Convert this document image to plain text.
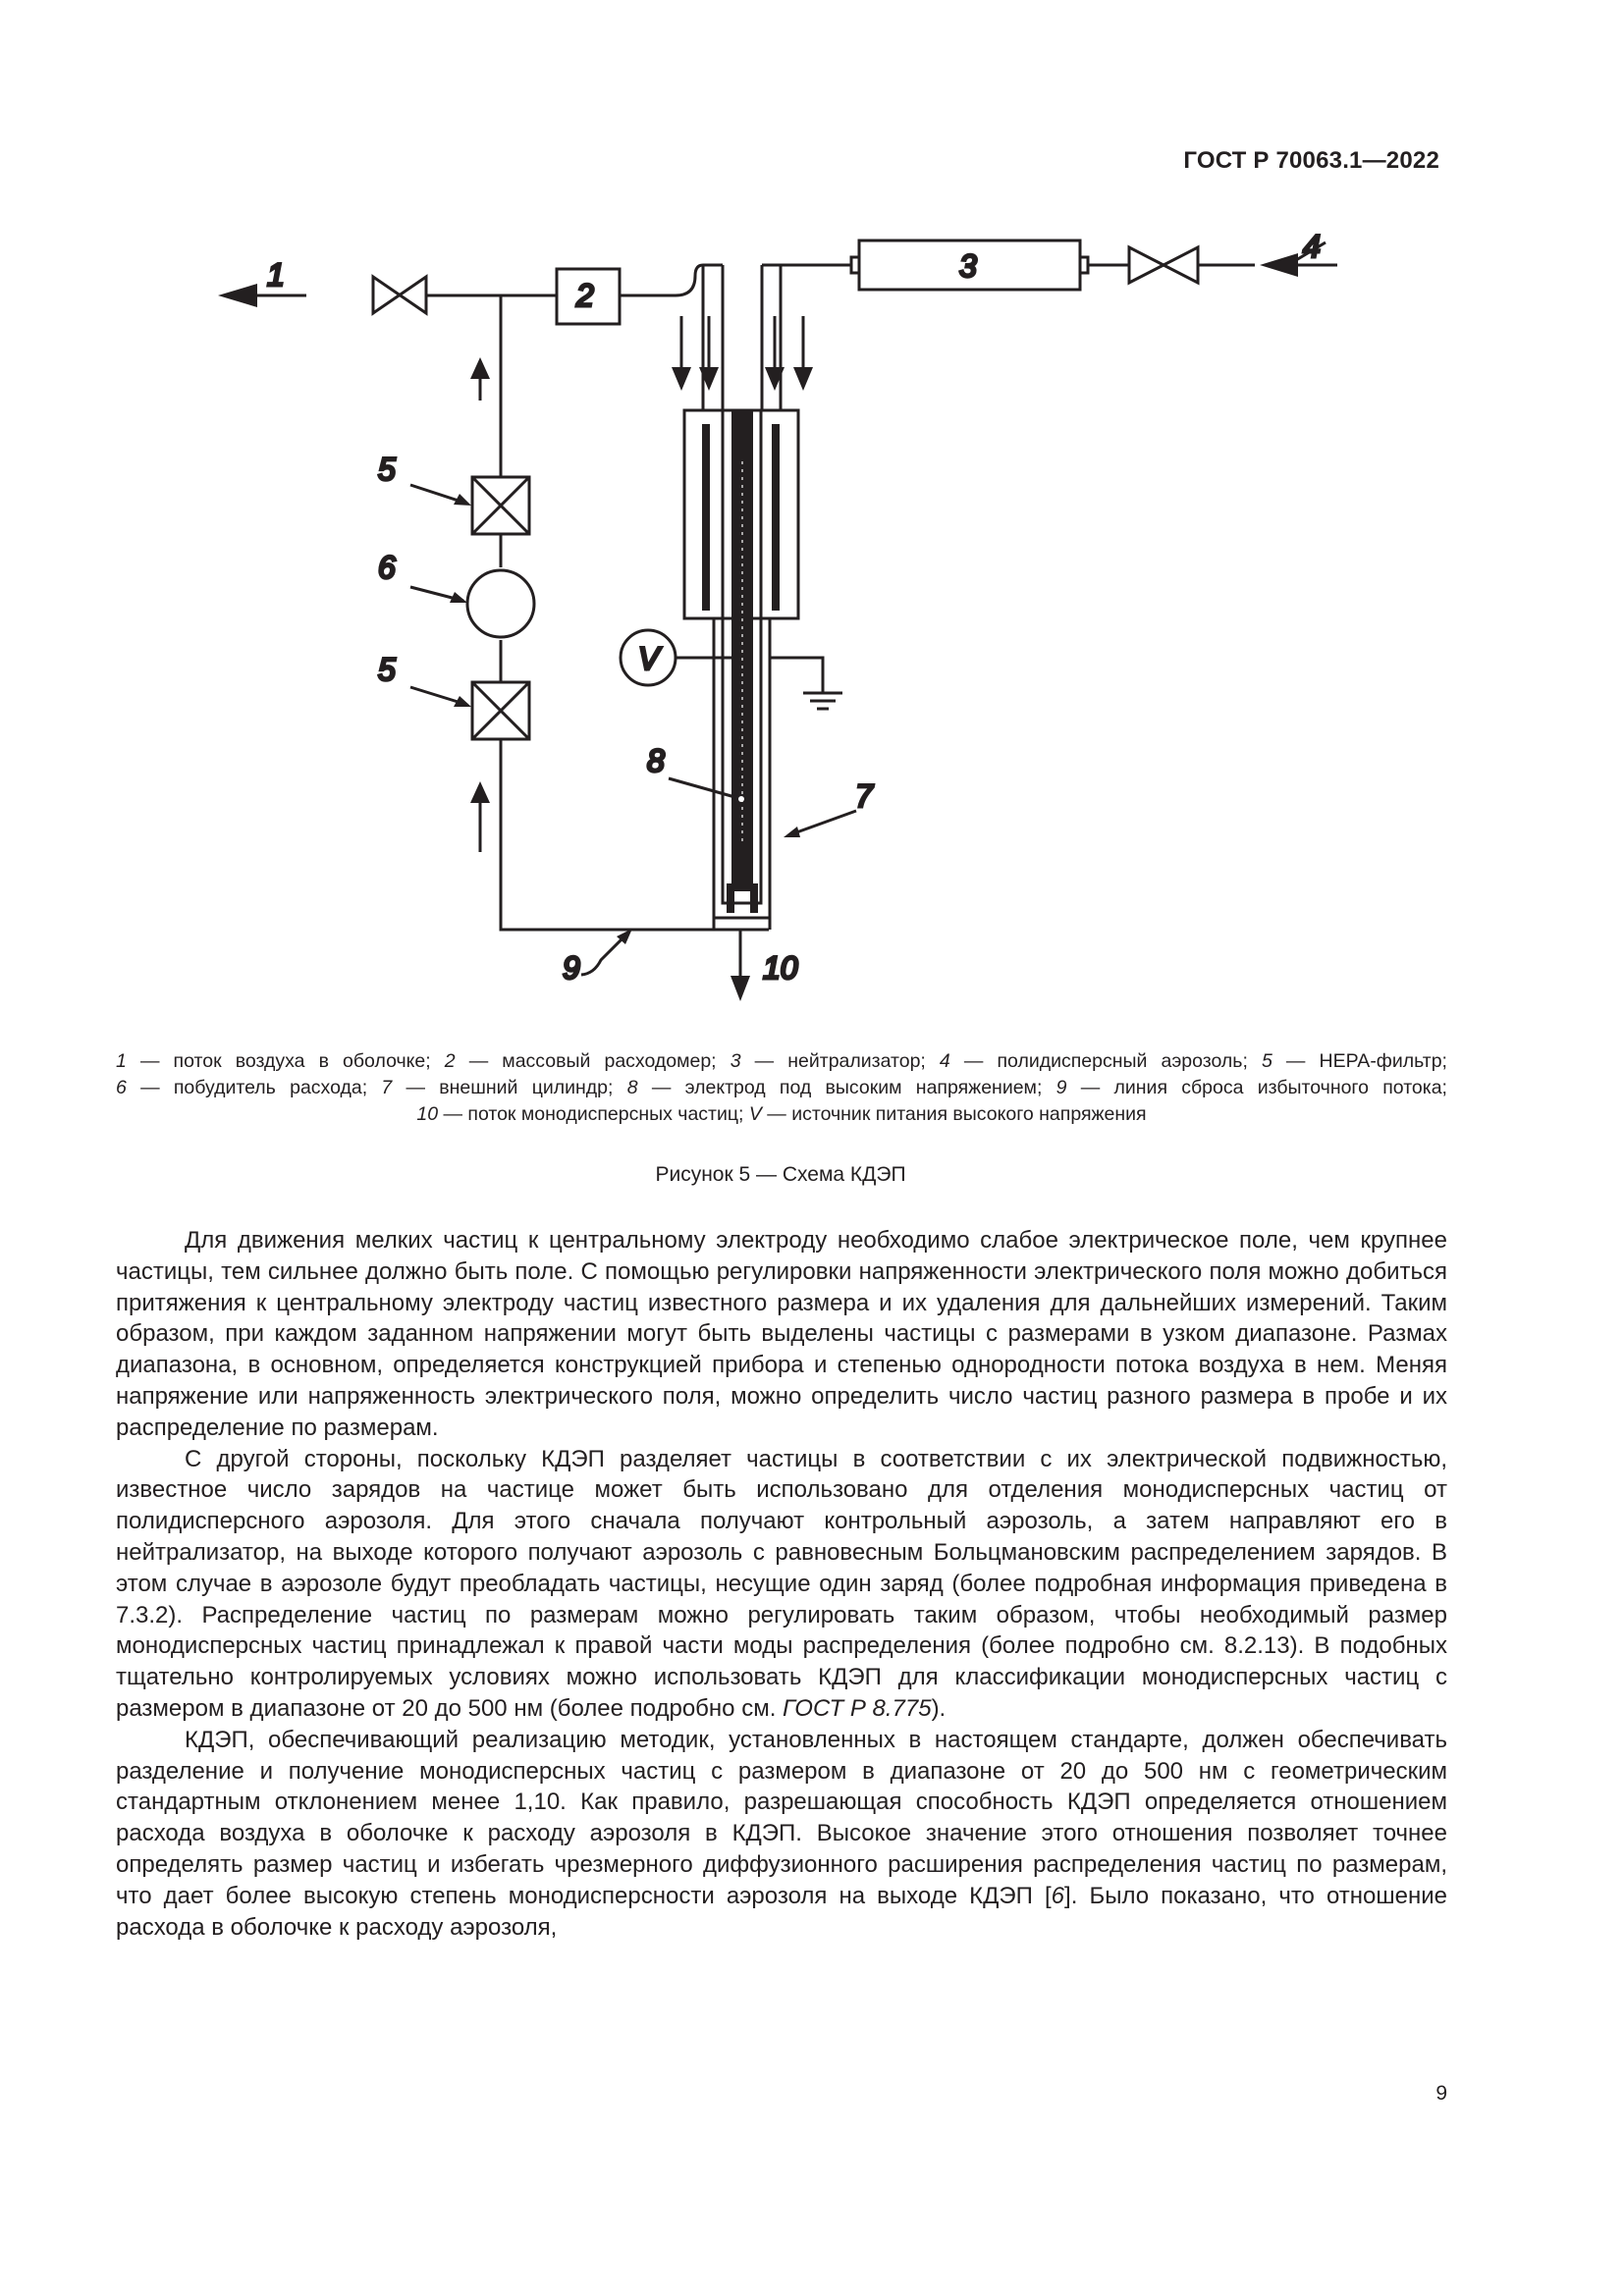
ГОСТ Р 70063.1—2022
1
2
3
4
5
6
5	V
8
7
9	10
1 — поток воздуха в оболочке; 2 — массовый расходомер; 3 — нейтрализатор; 4 — полидисперсный аэрозоль; 5 — НЕРА-фильтр;
6 — побудитель расхода; 7 — внешний цилиндр; 8 — электрод под высоким напряжением; 9 — линия сброса избыточного потока;
10 — поток монодисперсных частиц; V — источник питания высокого напряжения
Рисунок 5 — Схема КДЭП

Для движения мелких частиц к центральному электроду необходимо слабое электрическое поле, чем крупнее частицы, тем сильнее должно быть поле. С помощью регулировки напряженности электрического поля можно добиться притяжения к центральному электроду частиц известного размера и их удаления для дальнейших измерений. Таким образом, при каждом заданном напряжении могут быть выделены частицы с размерами в узком диапазоне. Размах диапазона, в основном, определяется конструкцией прибора и степенью однородности потока воздуха в нем. Меняя напряжение или напряженность электрического поля, можно определить число частиц разного размера в пробе и их распределение по размерам.

С другой стороны, поскольку КДЭП разделяет частицы в соответствии с их электрической подвижностью, известное число зарядов на частице может быть использовано для отделения монодисперсных частиц от полидисперсного аэрозоля. Для этого сначала получают контрольный аэрозоль, а затем направляют его в нейтрализатор, на выходе которого получают аэрозоль с равновесным Больцмановским распределением зарядов. В этом случае в аэрозоле будут преобладать частицы, несущие один заряд (более подробная информация приведена в 7.3.2). Распределение частиц по размерам можно регулировать таким образом, чтобы необходимый размер монодисперсных частиц принадлежал к правой части моды распределения (более подробно см. 8.2.13). В подобных тщательно контролируемых условиях можно использовать КДЭП для классификации монодисперсных частиц с размером в диапазоне от 20 до 500 нм (более подробно см. ГОСТ Р 8.775).

КДЭП, обеспечивающий реализацию методик, установленных в настоящем стандарте, должен обеспечивать разделение и получение монодисперсных частиц с размером в диапазоне от 20 до 500 нм с геометрическим стандартным отклонением менее 1,10. Как правило, разрешающая способность КДЭП определяется отношением расхода воздуха в оболочке к расходу аэрозоля в КДЭП. Высокое значение этого отношения позволяет точнее определять размер частиц и избегать чрезмерного диффузионного расширения распределения частиц по размерам, что дает более высокую степень монодисперсности аэрозоля на выходе КДЭП [6]. Было показано, что отношение расхода в оболочке к расходу аэрозоля,

9
